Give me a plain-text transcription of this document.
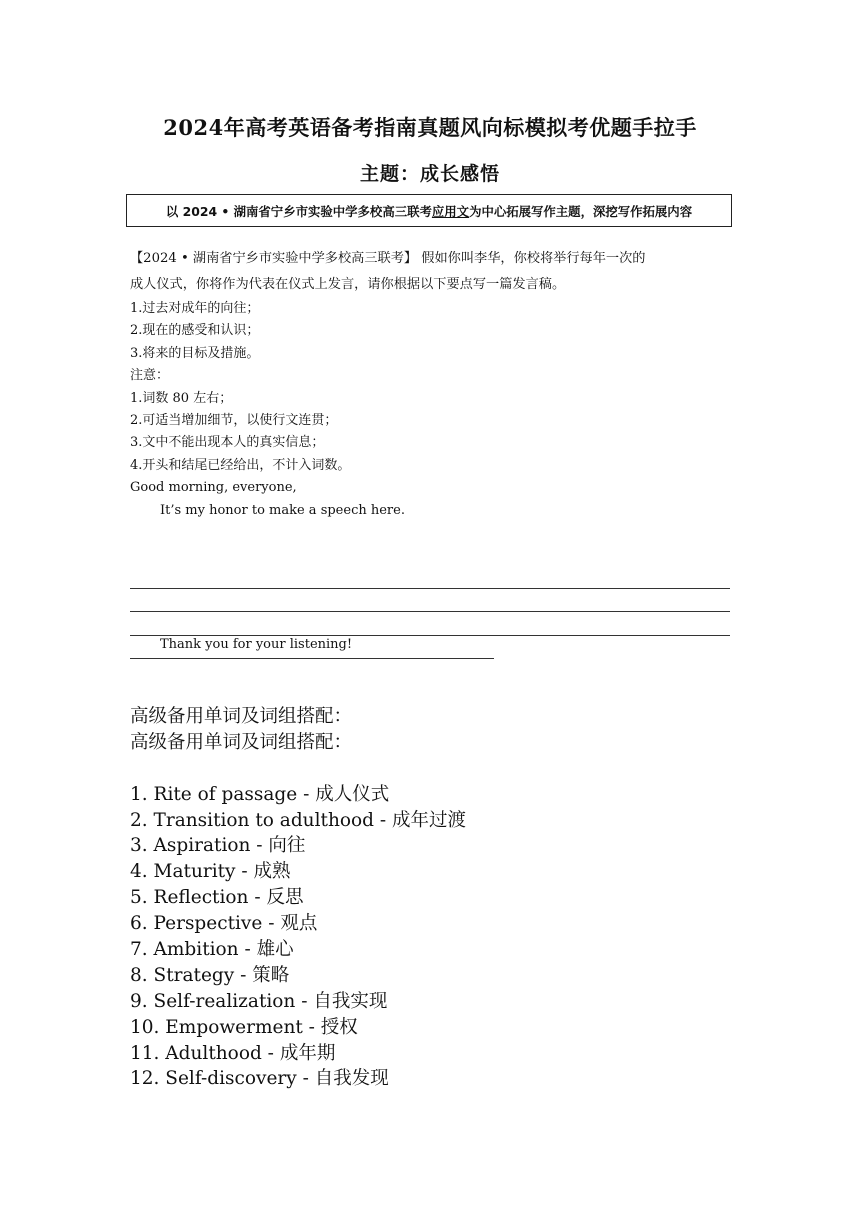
2024年高考英语备考指南真题风向标模拟考优题手拉手
主题：成长感悟
以 2024 • 湖南省宁乡市实验中学多校高三联考 应用文 为中心拓展写作主题，深挖写作拓展内容
【2024 • 湖南省宁乡市实验中学多校高三联考】 假如你叫李华，你校将举行每年一次的
成人仪式，你将作为代表在仪式上发言，请你根据以下要点写一篇发言稿。
1.过去对成年的向往；
2.现在的感受和认识；
3.将来的目标及措施。
注意：
1.词数 80 左右；
2.可适当增加细节，以使行文连贯；
3.文中不能出现本人的真实信息；
4.开头和结尾已经给出，不计入词数。
Good morning, everyone,
It’s my honor to make a speech here.
Thank you for your listening!
高级备用单词及词组搭配：
高级备用单词及词组搭配：
1. Rite of passage - 成人仪式
2. Transition to adulthood - 成年过渡
3. Aspiration - 向往
4. Maturity - 成熟
5. Reflection - 反思
6. Perspective - 观点
7. Ambition - 雄心
8. Strategy - 策略
9. Self-realization - 自我实现
10. Empowerment - 授权
11. Adulthood - 成年期
12. Self-discovery - 自我发现
